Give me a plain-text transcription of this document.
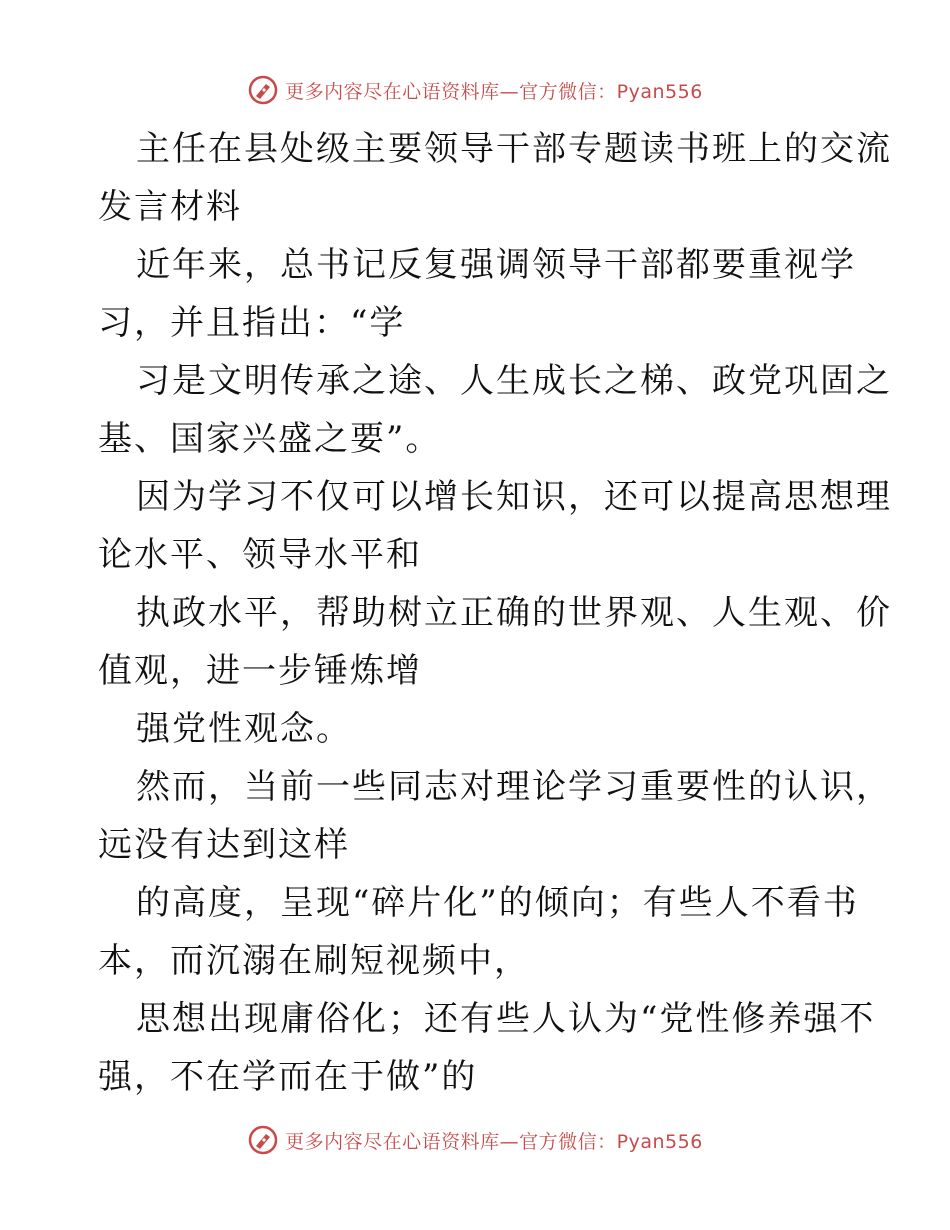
更多内容尽在心语资料库—官方微信：Pyan556
主任在县处级主要领导干部专题读书班上的交流
发言材料
近年来，总书记反复强调领导干部都要重视学
习，并且指出：“学
习是文明传承之途、人生成长之梯、政党巩固之
基、国家兴盛之要”。
因为学习不仅可以增长知识，还可以提高思想理
论水平、领导水平和
执政水平，帮助树立正确的世界观、人生观、价
值观，进一步锤炼增
强党性观念。
然而，当前一些同志对理论学习重要性的认识，
远没有达到这样
的高度，呈现“碎片化”的倾向；有些人不看书
本，而沉溺在刷短视频中，
思想出现庸俗化；还有些人认为“党性修养强不
强，不在学而在于做”的
更多内容尽在心语资料库—官方微信：Pyan556
